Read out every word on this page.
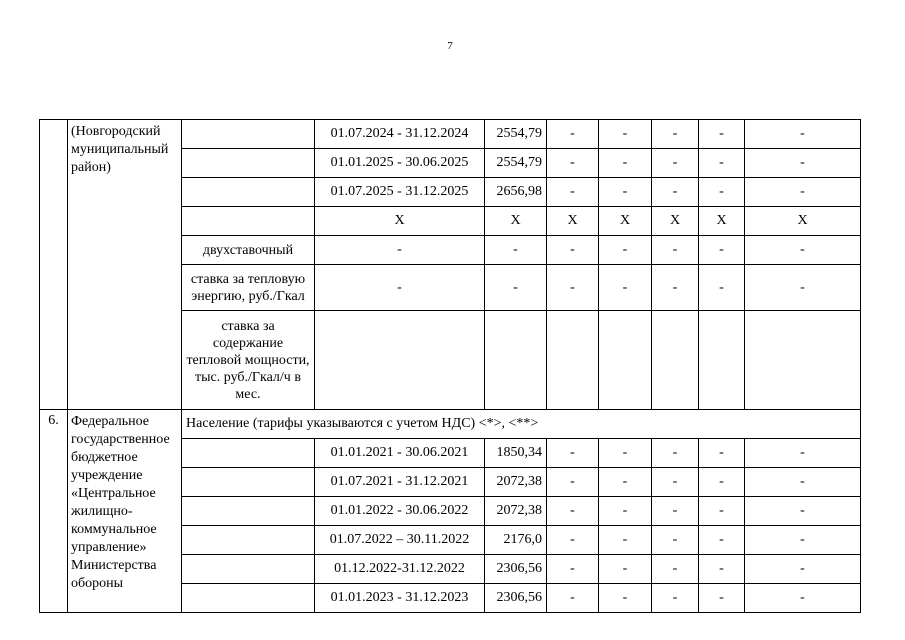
7
	(Новгородский муниципальный район)		01.07.2024 - 31.12.2024	2554,79	-	-	-	-	-
			01.01.2025 - 30.06.2025	2554,79	-	-	-	-	-
			01.07.2025 - 31.12.2025	2656,98	-	-	-	-	-
			Х	Х	Х	Х	Х	Х	Х
		двухставочный	-	-	-	-	-	-	-
		ставка за тепловую энергию, руб./Гкал	-	-	-	-	-	-	-
		ставка за содержание тепловой мощности, тыс. руб./Гкал/ч в мес.							
6.	Федеральное государственное бюджетное учреждение «Центральное жилищно-коммунальное управление» Министерства обороны	Население (тарифы указываются с учетом НДС) <*>, <**>							
			01.01.2021 - 30.06.2021	1850,34	-	-	-	-	-
			01.07.2021 - 31.12.2021	2072,38	-	-	-	-	-
			01.01.2022 - 30.06.2022	2072,38	-	-	-	-	-
			01.07.2022 – 30.11.2022	2176,0	-	-	-	-	-
			01.12.2022-31.12.2022	2306,56	-	-	-	-	-
			01.01.2023 - 31.12.2023	2306,56	-	-	-	-	-
